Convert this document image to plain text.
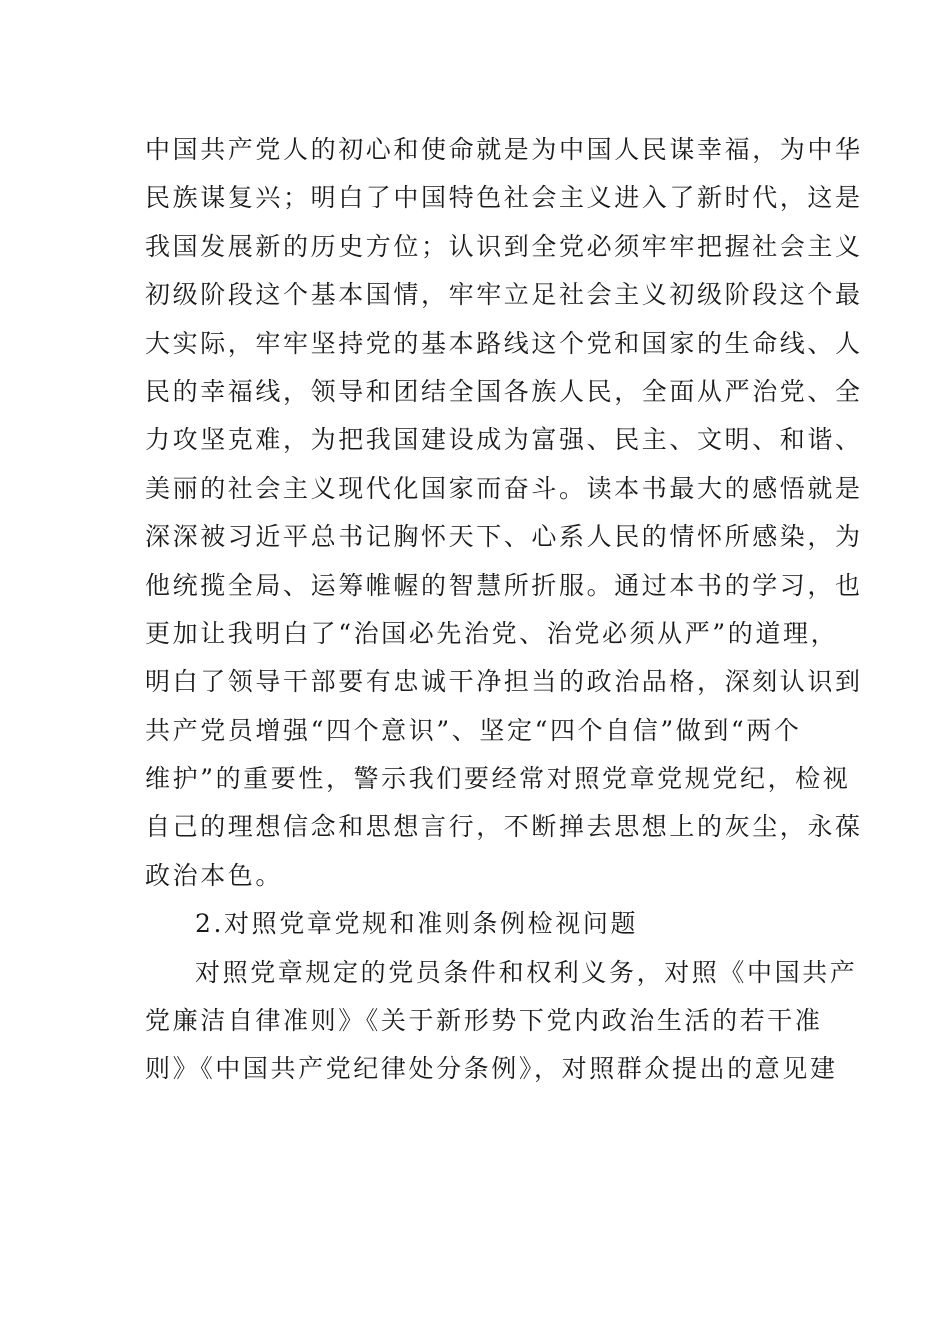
中国共产党人的初心和使命就是为中国人民谋幸福，为中华
民族谋复兴；明白了中国特色社会主义进入了新时代，这是
我国发展新的历史方位；认识到全党必须牢牢把握社会主义
初级阶段这个基本国情，牢牢立足社会主义初级阶段这个最
大实际，牢牢坚持党的基本路线这个党和国家的生命线、人
民的幸福线，领导和团结全国各族人民，全面从严治党、全
力攻坚克难，为把我国建设成为富强、民主、文明、和谐、
美丽的社会主义现代化国家而奋斗。读本书最大的感悟就是
深深被习近平总书记胸怀天下、心系人民的情怀所感染，为
他统揽全局、运筹帷幄的智慧所折服。通过本书的学习，也
更加让我明白了“治国必先治党、治党必须从严”的道理，
明白了领导干部要有忠诚干净担当的政治品格，深刻认识到
共产党员增强“四个意识”、坚定“四个自信”做到“两个
维护”的重要性，警示我们要经常对照党章党规党纪，检视
自己的理想信念和思想言行，不断掸去思想上的灰尘，永葆
政治本色。
2.对照党章党规和准则条例检视问题
对照党章规定的党员条件和权利义务，对照《中国共产
党廉洁自律准则》《关于新形势下党内政治生活的若干准
则》《中国共产党纪律处分条例》，对照群众提出的意见建
